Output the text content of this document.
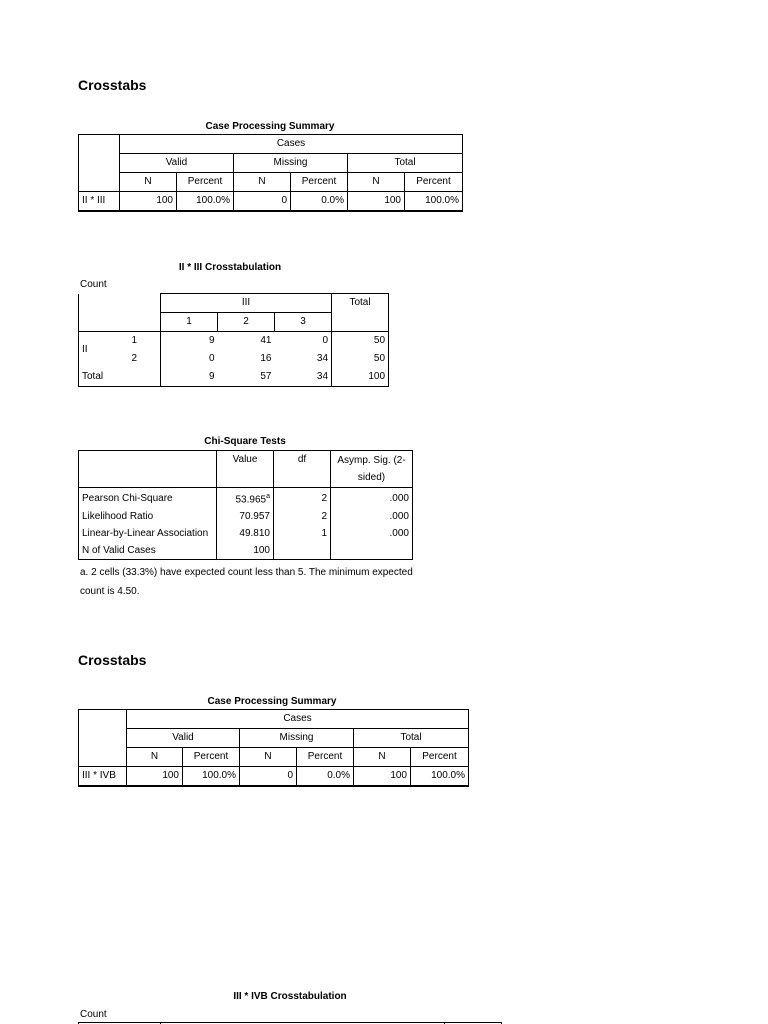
Crosstabs
Case Processing Summary
	Cases					
	Valid		Missing		Total	
	N	Percent	N	Percent	N	Percent
II * III	100	100.0%	0	0.0%	100	100.0%
II * III Crosstabulation
Count
		III			Total
		1	2	3	
II	1	9	41	0	50
	2	0	16	34	50
Total		9	57	34	100
Chi-Square Tests
	Value	df	Asymp. Sig. (2-
sided)

Pearson Chi-Square	53.965$^a$	2	.000
Likelihood Ratio	70.957	2	.000
Linear-by-Linear Association	49.810	1	.000
N of Valid Cases	100		
a. 2 cells (33.3%) have expected count less than 5. The minimum expected
count is 4.50.
Crosstabs
Case Processing Summary
	Cases					
	Valid		Missing		Total	
	N	Percent	N	Percent	N	Percent
III * IVB	100	100.0%	0	0.0%	100	100.0%
III * IVB Crosstabulation
Count
